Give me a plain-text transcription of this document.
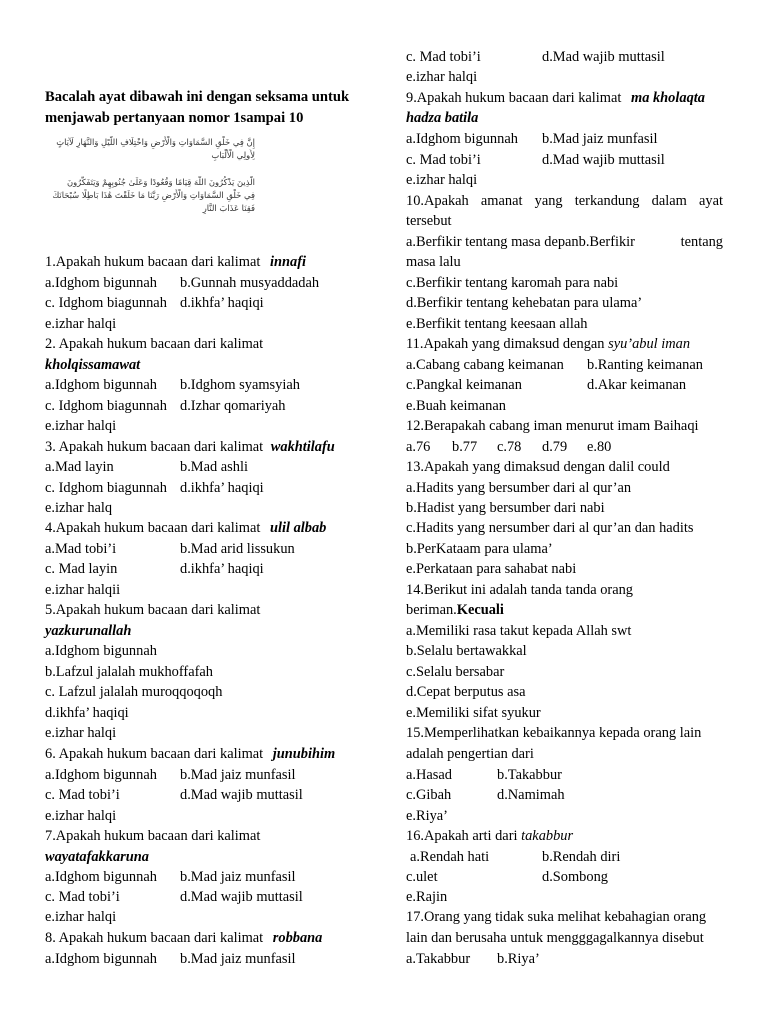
Bacalah ayat dibawah ini dengan seksama untuk
menjawab pertanyaan nomor 1sampai 10
1.Apakah hukum bacaan dari kalimat innafi
a.Idghom bigunnah b.Gunnah musyaddadah
c. Idghom biagunnah d.ikhfa’ haqiqi
e.izhar halqi
2. Apakah hukum bacaan dari kalimat
kholqissamawat
a.Idghom bigunnah b.Idghom syamsyiah
c. Idghom biagunnah d.Izhar qomariyah
e.izhar halqi
3. Apakah hukum bacaan dari kalimat wakhtilafu
a.Mad layin	b.Mad ashli
c. Idghom biagunnah d.ikhfa’ haqiqi
e.izhar halq
4.Apakah hukum bacaan dari kalimat ulil albab
a.Mad tobi’i	b.Mad arid lissukun
c. Mad layin	d.ikhfa’ haqiqi
e.izhar halqii
5.Apakah hukum bacaan dari kalimat
yazkurunallah
a.Idghom bigunnah
b.Lafzul jalalah mukhoffafah
c. Lafzul jalalah muroqqoqoqh
d.ikhfa’ haqiqi
e.izhar halqi
6. Apakah hukum bacaan dari kalimat junubihim
a.Idghom bigunnah b.Mad jaiz munfasil
c. Mad tobi’i	d.Mad wajib muttasil
e.izhar halqi
7.Apakah hukum bacaan dari kalimat
wayatafakkaruna
a.Idghom bigunnah b.Mad jaiz munfasil
c. Mad tobi’i	d.Mad wajib muttasil
e.izhar halqi
8. Apakah hukum bacaan dari kalimat robbana
a.Idghom bigunnah b.Mad jaiz munfasil
إِنَّ فِي خَلْقِ السَّمَاوَاتِ وَالْأَرْضِ وَاخْتِلَافِ اللَّيْلِ وَالنَّهَارِ لَآيَاتٍ
لِأُولِي الْأَلْبَابِ
الَّذِينَ يَذْكُرُونَ اللَّهَ قِيَامًا وَقُعُودًا وَعَلَىٰ جُنُوبِهِمْ وَيَتَفَكَّرُونَ
فِي خَلْقِ السَّمَاوَاتِ وَالْأَرْضِ رَبَّنَا مَا خَلَقْتَ هَٰذَا بَاطِلًا سُبْحَانَكَ
فَقِنَا عَذَابَ النَّارِ
c. Mad tobi’i	d.Mad wajib muttasil
e.izhar halqi
9.Apakah hukum bacaan dari kalimat ma kholaqta
hadza batila
a.Idghom bigunnah b.Mad jaiz munfasil
c. Mad tobi’i	d.Mad wajib muttasil
e.izhar halqi
10.Apakah amanat yang terkandung dalam ayat
tersebut
a.Berfikir tentang masa depanb.Berfikir	tentang
masa lalu
c.Berfikir tentang karomah para nabi
d.Berfikir tentang kehebatan para ulama’
e.Berfikit tentang keesaan allah
11.Apakah yang dimaksud dengan syu’abul iman
a.Cabang cabang keimanan b.Ranting keimanan
c.Pangkal keimanan	d.Akar keimanan
e.Buah keimanan
12.Berapakah cabang iman menurut imam Baihaqi
a.76 b.77 c.78 d.79 e.80
13.Apakah yang dimaksud dengan dalil could
a.Hadits yang bersumber dari al qur’an
b.Hadist yang bersumber dari nabi
c.Hadits yang nersumber dari al qur’an dan hadits
b.PerKataam para ulama’
e.Perkataan para sahabat nabi
14.Berikut ini adalah tanda tanda orang
beriman.Kecuali
a.Memiliki rasa takut kepada Allah swt
b.Selalu bertawakkal
c.Selalu bersabar
d.Cepat berputus asa
e.Memiliki sifat syukur
15.Memperlihatkan kebaikannya kepada orang lain
adalah pengertian dari
a.Hasad	b.Takabbur
c.Gibah	d.Namimah
e.Riya’
16.Apakah arti dari takabbur
a.Rendah hati	b.Rendah diri
c.ulet	d.Sombong
e.Rajin
17.Orang yang tidak suka melihat kebahagian orang
lain dan berusaha untuk mengggagalkannya disebut
a.Takabbur b.Riya’
